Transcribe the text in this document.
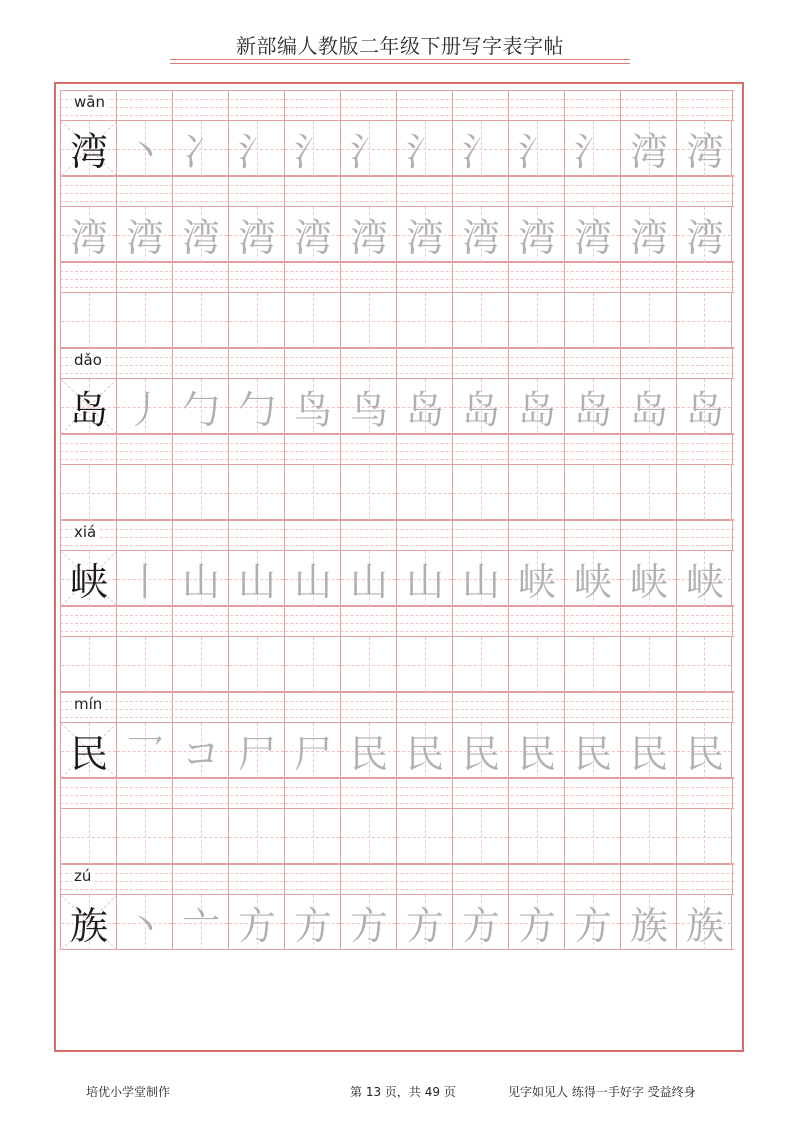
新部编人教版二年级下册写字表字帖
wān
湾 丶 冫 氵 氵 氵 氵 氵 氵 氵 湾 湾
湾 湾 湾 湾 湾 湾 湾 湾 湾 湾 湾 湾
dǎo
岛 丿 勹 勹 鸟 鸟 岛 岛 岛 岛 岛 岛
xiá
峡 丨 山 山 山 山 山 山 峡 峡 峡 峡
mín
民 乛 コ 尸 尸 民 民 民 民 民 民 民
zú
族 丶 亠 方 方 方 方 方 方 方 族 族
培优小学堂制作	第 13 页，共 49 页	见字如见人 练得一手好字 受益终身
